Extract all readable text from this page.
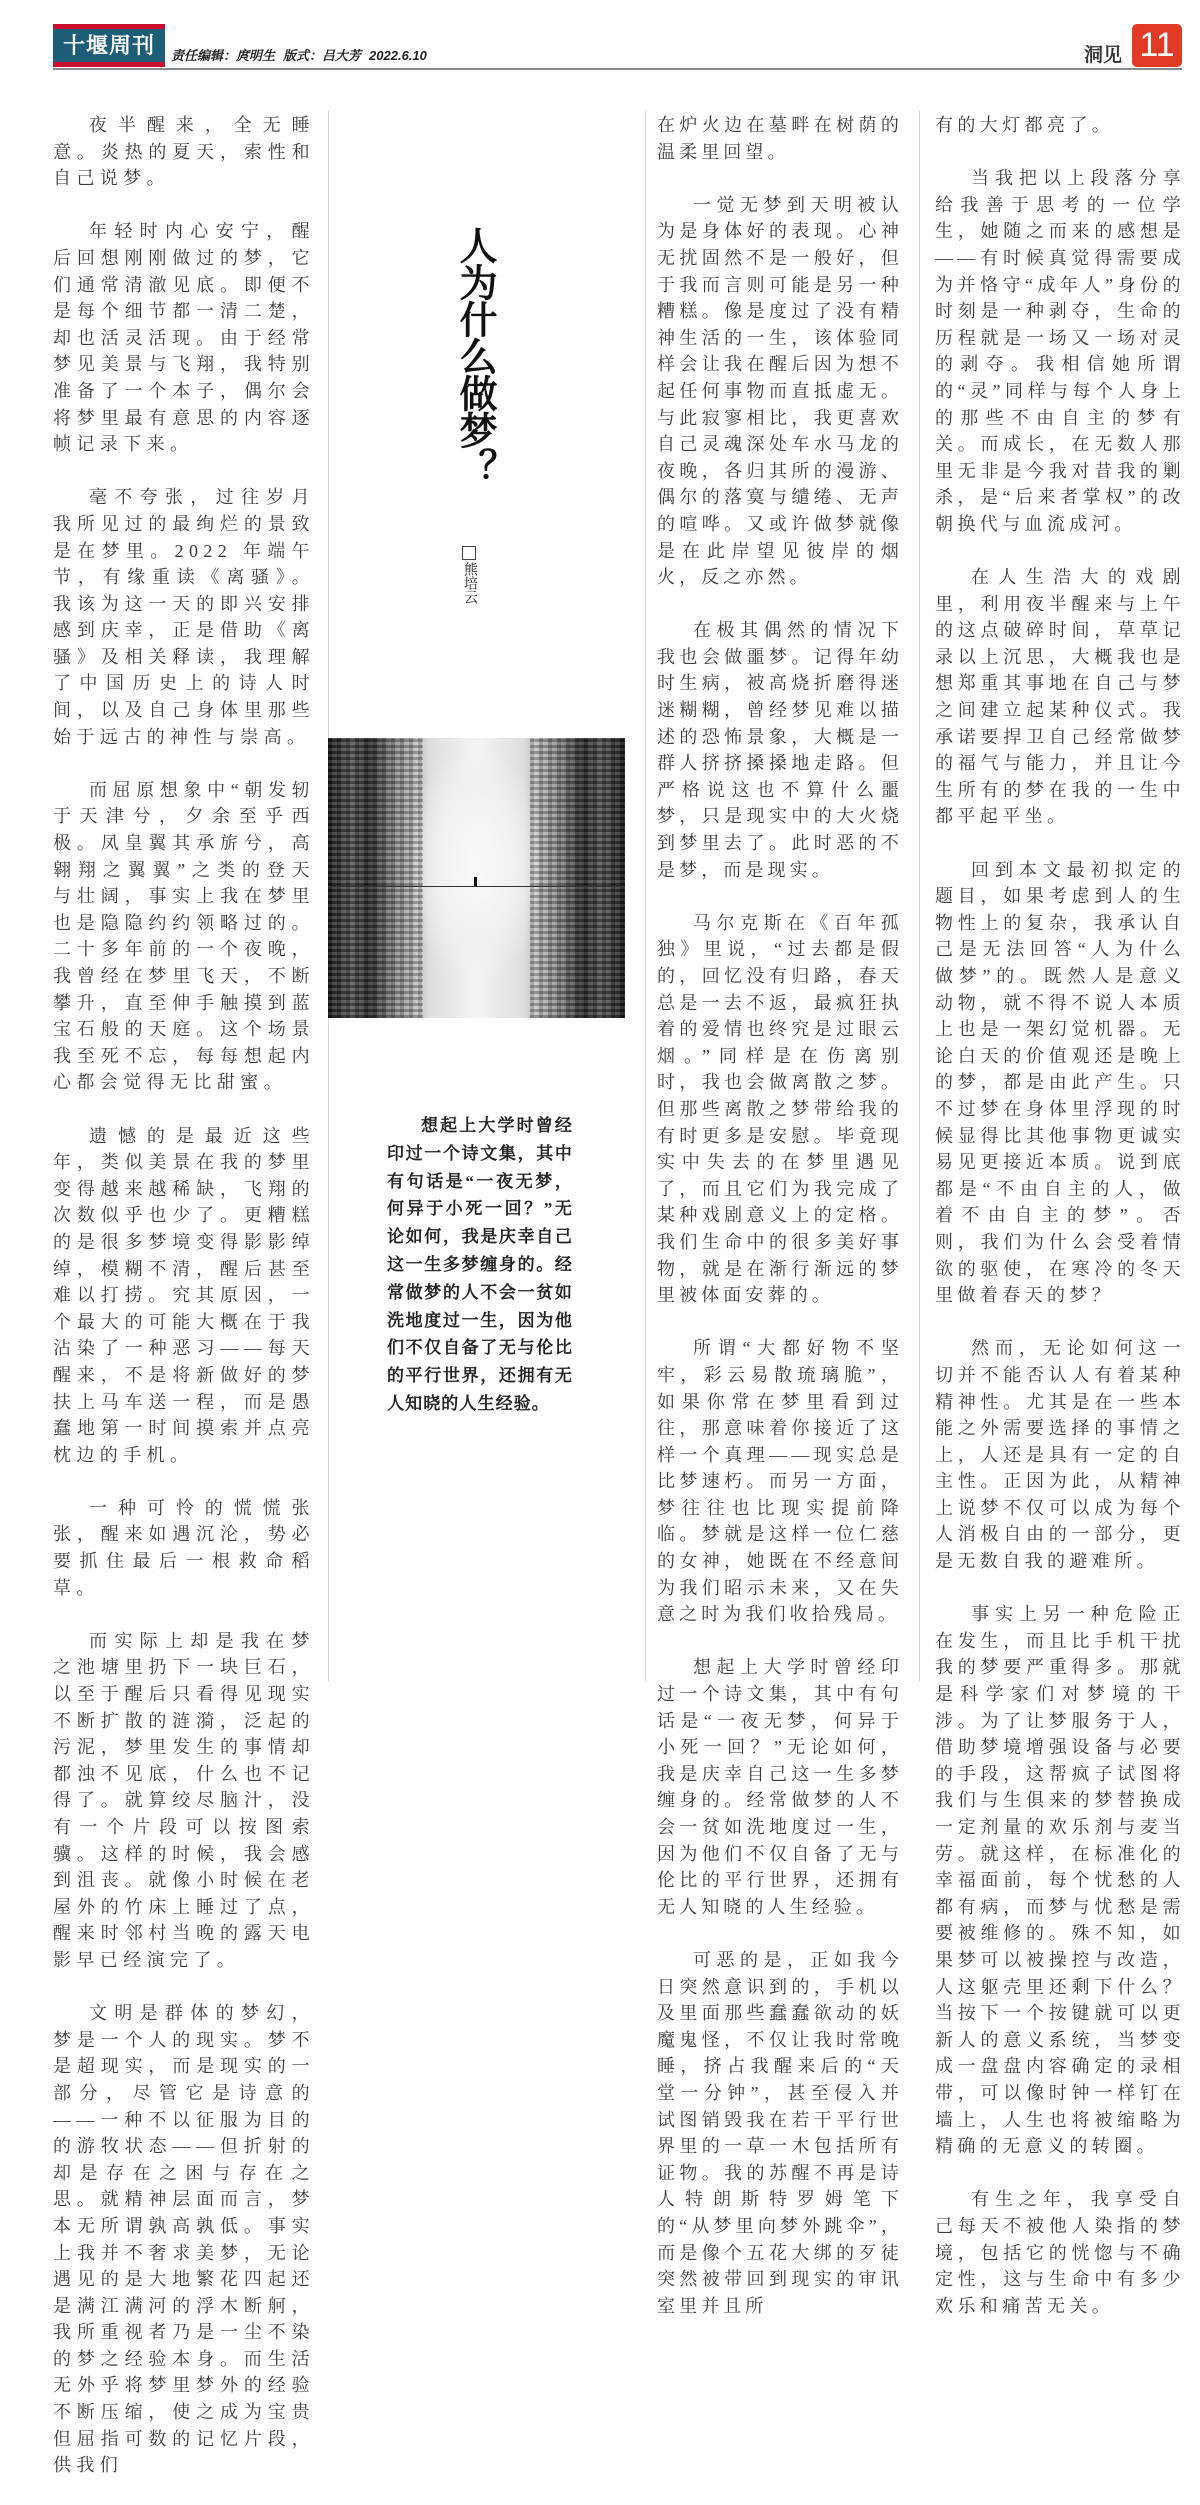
十堰周刊	责任编辑：庹明生 版式：吕大芳 2022.6.10	洞见 11

夜半醒来，全无睡意。炎热的夏天，索性和自己说梦。

年轻时内心安宁，醒后回想刚刚做过的梦，它们通常清澈见底。即便不是每个细节都一清二楚，却也活灵活现。由于经常梦见美景与飞翔，我特别准备了一个本子，偶尔会将梦里最有意思的内容逐帧记录下来。

毫不夸张，过往岁月我所见过的最绚烂的景致是在梦里。2022 年端午节，有缘重读《离骚》。我该为这一天的即兴安排感到庆幸，正是借助《离骚》及相关释读，我理解了中国历史上的诗人时间，以及自己身体里那些始于远古的神性与崇高。

而屈原想象中“朝发轫于天津兮，夕余至乎西极。凤皇翼其承旂兮，高翱翔之翼翼”之类的登天与壮阔，事实上我在梦里也是隐隐约约领略过的。二十多年前的一个夜晚，我曾经在梦里飞天，不断攀升，直至伸手触摸到蓝宝石般的天庭。这个场景我至死不忘，每每想起内心都会觉得无比甜蜜。

遗憾的是最近这些年，类似美景在我的梦里变得越来越稀缺，飞翔的次数似乎也少了。更糟糕的是很多梦境变得影影绰绰，模糊不清，醒后甚至难以打捞。究其原因，一个最大的可能大概在于我沾染了一种恶习——每天醒来，不是将新做好的梦扶上马车送一程，而是愚蠢地第一时间摸索并点亮枕边的手机。

一种可怜的慌慌张张，醒来如遇沉沦，势必要抓住最后一根救命稻草。

而实际上却是我在梦之池塘里扔下一块巨石，以至于醒后只看得见现实不断扩散的涟漪，泛起的污泥，梦里发生的事情却都浊不见底，什么也不记得了。就算绞尽脑汁，没有一个片段可以按图索骥。这样的时候，我会感到沮丧。就像小时候在老屋外的竹床上睡过了点，醒来时邻村当晚的露天电影早已经演完了。

文明是群体的梦幻，梦是一个人的现实。梦不是超现实，而是现实的一部分，尽管它是诗意的——一种不以征服为目的的游牧状态——但折射的却是存在之困与存在之思。就精神层面而言，梦本无所谓孰高孰低。事实上我并不奢求美梦，无论遇见的是大地繁花四起还是满江满河的浮木断舸，我所重视者乃是一尘不染的梦之经验本身。而生活无外乎将梦里梦外的经验不断压缩，使之成为宝贵但屈指可数的记忆片段，供我们

人为什么做梦？
熊培云

想起上大学时曾经印过一个诗文集，其中有句话是“一夜无梦，何异于小死一回？”无论如何，我是庆幸自己这一生多梦缠身的。经常做梦的人不会一贫如洗地度过一生，因为他们不仅自备了无与伦比的平行世界，还拥有无人知晓的人生经验。

在炉火边在墓畔在树荫的温柔里回望。

一觉无梦到天明被认为是身体好的表现。心神无扰固然不是一般好，但于我而言则可能是另一种糟糕。像是度过了没有精神生活的一生，该体验同样会让我在醒后因为想不起任何事物而直抵虚无。与此寂寥相比，我更喜欢自己灵魂深处车水马龙的夜晚，各归其所的漫游、偶尔的落寞与缱绻、无声的喧哗。又或许做梦就像是在此岸望见彼岸的烟火，反之亦然。

在极其偶然的情况下我也会做噩梦。记得年幼时生病，被高烧折磨得迷迷糊糊，曾经梦见难以描述的恐怖景象，大概是一群人挤挤搡搡地走路。但严格说这也不算什么噩梦，只是现实中的大火烧到梦里去了。此时恶的不是梦，而是现实。

马尔克斯在《百年孤独》里说，“过去都是假的，回忆没有归路，春天总是一去不返，最疯狂执着的爱情也终究是过眼云烟。”同样是在伤离别时，我也会做离散之梦。但那些离散之梦带给我的有时更多是安慰。毕竟现实中失去的在梦里遇见了，而且它们为我完成了某种戏剧意义上的定格。我们生命中的很多美好事物，就是在渐行渐远的梦里被体面安葬的。

所谓“大都好物不坚牢，彩云易散琉璃脆”，如果你常在梦里看到过往，那意味着你接近了这样一个真理——现实总是比梦速朽。而另一方面，梦往往也比现实提前降临。梦就是这样一位仁慈的女神，她既在不经意间为我们昭示未来，又在失意之时为我们收拾残局。

想起上大学时曾经印过一个诗文集，其中有句话是“一夜无梦，何异于小死一回？”无论如何，我是庆幸自己这一生多梦缠身的。经常做梦的人不会一贫如洗地度过一生，因为他们不仅自备了无与伦比的平行世界，还拥有无人知晓的人生经验。

可恶的是，正如我今日突然意识到的，手机以及里面那些蠢蠢欲动的妖魔鬼怪，不仅让我时常晚睡，挤占我醒来后的“天堂一分钟”，甚至侵入并试图销毁我在若干平行世界里的一草一木包括所有证物。我的苏醒不再是诗人特朗斯特罗姆笔下的“从梦里向梦外跳伞”，而是像个五花大绑的歹徒突然被带回到现实的审讯室里并且所

有的大灯都亮了。

当我把以上段落分享给我善于思考的一位学生，她随之而来的感想是——有时候真觉得需要成为并恪守“成年人”身份的时刻是一种剥夺，生命的历程就是一场又一场对灵的剥夺。我相信她所谓的“灵”同样与每个人身上的那些不由自主的梦有关。而成长，在无数人那里无非是今我对昔我的剿杀，是“后来者掌权”的改朝换代与血流成河。

在人生浩大的戏剧里，利用夜半醒来与上午的这点破碎时间，草草记录以上沉思，大概我也是想郑重其事地在自己与梦之间建立起某种仪式。我承诺要捍卫自己经常做梦的福气与能力，并且让今生所有的梦在我的一生中都平起平坐。

回到本文最初拟定的题目，如果考虑到人的生物性上的复杂，我承认自己是无法回答“人为什么做梦”的。既然人是意义动物，就不得不说人本质上也是一架幻觉机器。无论白天的价值观还是晚上的梦，都是由此产生。只不过梦在身体里浮现的时候显得比其他事物更诚实易见更接近本质。说到底都是“不由自主的人，做着不由自主的梦”。否则，我们为什么会受着情欲的驱使，在寒冷的冬天里做着春天的梦？

然而，无论如何这一切并不能否认人有着某种精神性。尤其是在一些本能之外需要选择的事情之上，人还是具有一定的自主性。正因为此，从精神上说梦不仅可以成为每个人消极自由的一部分，更是无数自我的避难所。

事实上另一种危险正在发生，而且比手机干扰我的梦要严重得多。那就是科学家们对梦境的干涉。为了让梦服务于人，借助梦境增强设备与必要的手段，这帮疯子试图将我们与生俱来的梦替换成一定剂量的欢乐剂与麦当劳。就这样，在标准化的幸福面前，每个忧愁的人都有病，而梦与忧愁是需要被维修的。殊不知，如果梦可以被操控与改造，人这躯壳里还剩下什么？当按下一个按键就可以更新人的意义系统，当梦变成一盘盘内容确定的录相带，可以像时钟一样钉在墙上，人生也将被缩略为精确的无意义的转圈。

有生之年，我享受自己每天不被他人染指的梦境，包括它的恍惚与不确定性，这与生命中有多少欢乐和痛苦无关。
